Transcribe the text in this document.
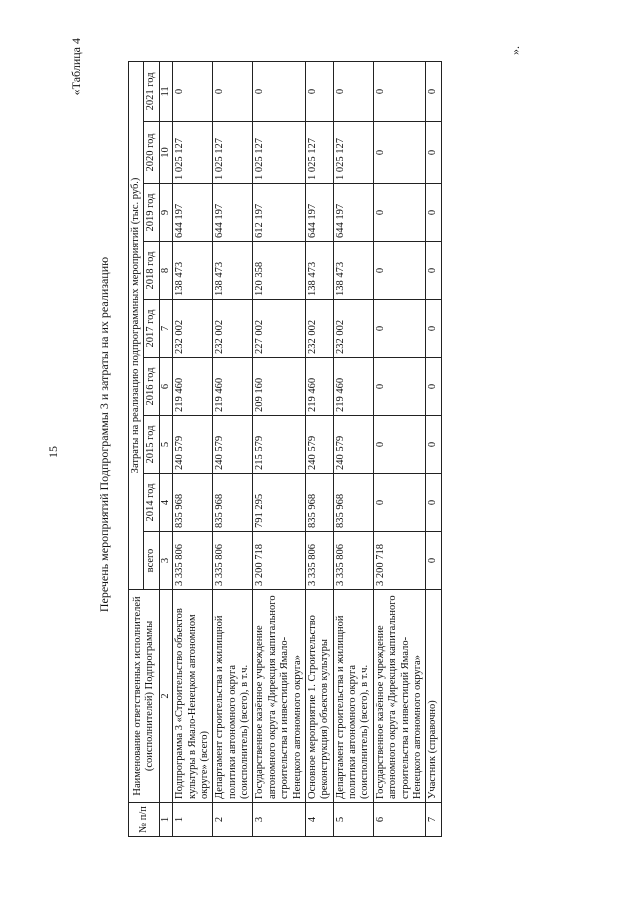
15
«Таблица 4
Перечень мероприятий Подпрограммы 3 и затраты на их реализацию
№ п/п	Наименование ответственных исполнителей (соисполнителей) Подпрограммы	Затраты на реализацию подпрограммных мероприятий (тыс. руб.)								
		всего	2014 год	2015 год	2016 год	2017 год	2018 год	2019 год	2020 год	2021 год
1	2	3	4	5	6	7	8	9	10	11
1	Подпрограмма 3 «Строительство объектов культуры в Ямало-Ненецком автономном округе» (всего)	3 335 806	835 968	240 579	219 460	232 002	138 473	644 197	1 025 127	0
2	Департамент строительства и жилищной политики автономного округа (соисполнитель) (всего), в т.ч.	3 335 806	835 968	240 579	219 460	232 002	138 473	644 197	1 025 127	0
3	Государственное казённое учреждение автономного округа «Дирекция капитального строительства и инвестиций Ямало-Ненецкого автономного округа»	3 200 718	791 295	215 579	209 160	227 002	120 358	612 197	1 025 127	0
4	Основное мероприятие 1. Строительство (реконструкция) объектов культуры	3 335 806	835 968	240 579	219 460	232 002	138 473	644 197	1 025 127	0
5	Департамент строительства и жилищной политики автономного округа (соисполнитель) (всего), в т.ч.	3 335 806	835 968	240 579	219 460	232 002	138 473	644 197	1 025 127	0
6	Государственное казённое учреждение автономного округа «Дирекция капитального строительства и инвестиций Ямало-Ненецкого автономного округа»	3 200 718	0	0	0	0	0	0	0	0
7	Участник (справочно)	0	0	0	0	0	0	0	0	0
».
